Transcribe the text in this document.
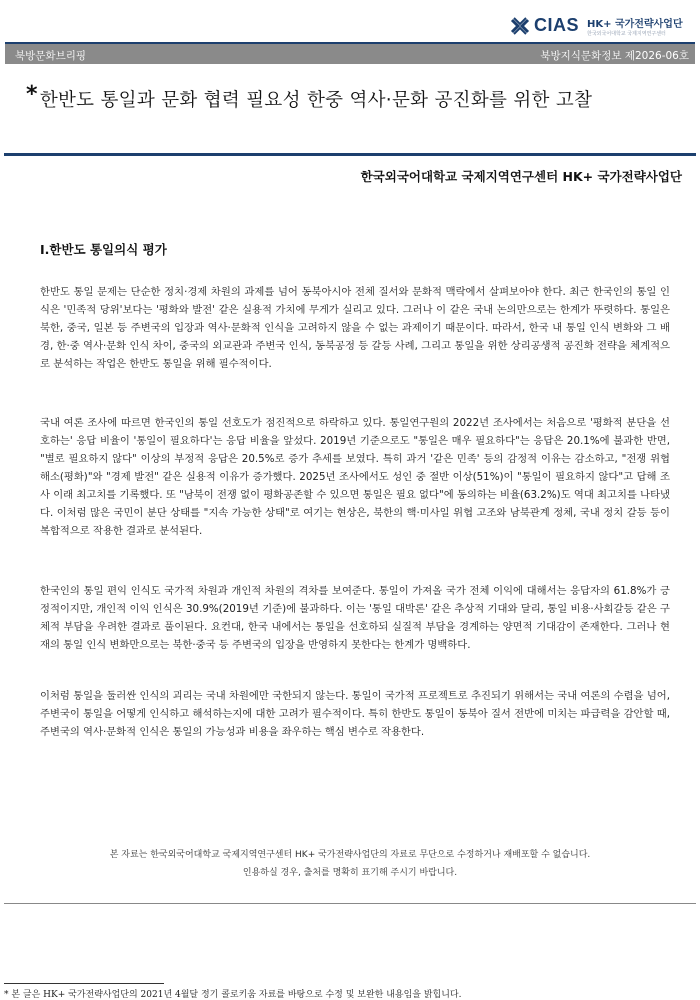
CIAS HK+ 국가전략사업단
한국외국어대학교 국제지역연구센터
북방문화브리핑	북방지식문화정보 제2026-06호
* 한반도 통일과 문화 협력 필요성 한중 역사·문화 공진화를 위한 고찰
한국외국어대학교 국제지역연구센터 HK+ 국가전략사업단
Ⅰ.한반도 통일의식 평가
한반도 통일 문제는 단순한 정치·경제 차원의 과제를 넘어 동북아시아 전체 질서와 문화적 맥락에서 살펴보아야 한다. 최근 한국인의 통일 인식은 '민족적 당위'보다는 '평화와 발전' 같은 실용적 가치에 무게가 실리고 있다. 그러나 이 같은 국내 논의만으로는 한계가 뚜렷하다. 통일은 북한, 중국, 일본 등 주변국의 입장과 역사·문화적 인식을 고려하지 않을 수 없는 과제이기 때문이다. 따라서, 한국 내 통일 인식 변화와 그 배경, 한·중 역사·문화 인식 차이, 중국의 외교관과 주변국 인식, 동북공정 등 갈등 사례, 그리고 통일을 위한 상리공생적 공진화 전략을 체계적으로 분석하는 작업은 한반도 통일을 위해 필수적이다.
국내 여론 조사에 따르면 한국인의 통일 선호도가 점진적으로 하락하고 있다. 통일연구원의 2022년 조사에서는 처음으로 '평화적 분단을 선호하는' 응답 비율이 '통일이 필요하다'는 응답 비율을 앞섰다. 2019년 기준으로도 "통일은 매우 필요하다"는 응답은 20.1%에 불과한 반면, "별로 필요하지 않다" 이상의 부정적 응답은 20.5%로 증가 추세를 보였다. 특히 과거 '같은 민족' 등의 감정적 이유는 감소하고, "전쟁 위협 해소(평화)"와 "경제 발전" 같은 실용적 이유가 증가했다. 2025년 조사에서도 성인 중 절반 이상(51%)이 "통일이 필요하지 않다"고 답해 조사 이래 최고치를 기록했다. 또 "남북이 전쟁 없이 평화공존할 수 있으면 통일은 필요 없다"에 동의하는 비율(63.2%)도 역대 최고치를 나타냈다. 이처럼 많은 국민이 분단 상태를 "지속 가능한 상태"로 여기는 현상은, 북한의 핵·미사일 위협 고조와 남북관계 정체, 국내 정치 갈등 등이 복합적으로 작용한 결과로 분석된다.
한국인의 통일 편익 인식도 국가적 차원과 개인적 차원의 격차를 보여준다. 통일이 가져올 국가 전체 이익에 대해서는 응답자의 61.8%가 긍정적이지만, 개인적 이익 인식은 30.9%(2019년 기준)에 불과하다. 이는 '통일 대박론' 같은 추상적 기대와 달리, 통일 비용·사회갈등 같은 구체적 부담을 우려한 결과로 풀이된다. 요컨대, 한국 내에서는 통일을 선호하되 실질적 부담을 경계하는 양면적 기대감이 존재한다. 그러나 현재의 통일 인식 변화만으로는 북한·중국 등 주변국의 입장을 반영하지 못한다는 한계가 명백하다.
이처럼 통일을 둘러싼 인식의 괴리는 국내 차원에만 국한되지 않는다. 통일이 국가적 프로젝트로 추진되기 위해서는 국내 여론의 수렴을 넘어, 주변국이 통일을 어떻게 인식하고 해석하는지에 대한 고려가 필수적이다. 특히 한반도 통일이 동북아 질서 전반에 미치는 파급력을 감안할 때, 주변국의 역사·문화적 인식은 통일의 가능성과 비용을 좌우하는 핵심 변수로 작용한다.
본 자료는 한국외국어대학교 국제지역연구센터 HK+ 국가전략사업단의 자료로 무단으로 수정하거나 재배포할 수 없습니다.
인용하실 경우, 출처를 명확히 표기해 주시기 바랍니다.
* 본 글은 HK+ 국가전략사업단의 2021년 4월달 정기 콜로키움 자료를 바탕으로 수정 및 보완한 내용임을 밝힙니다.
